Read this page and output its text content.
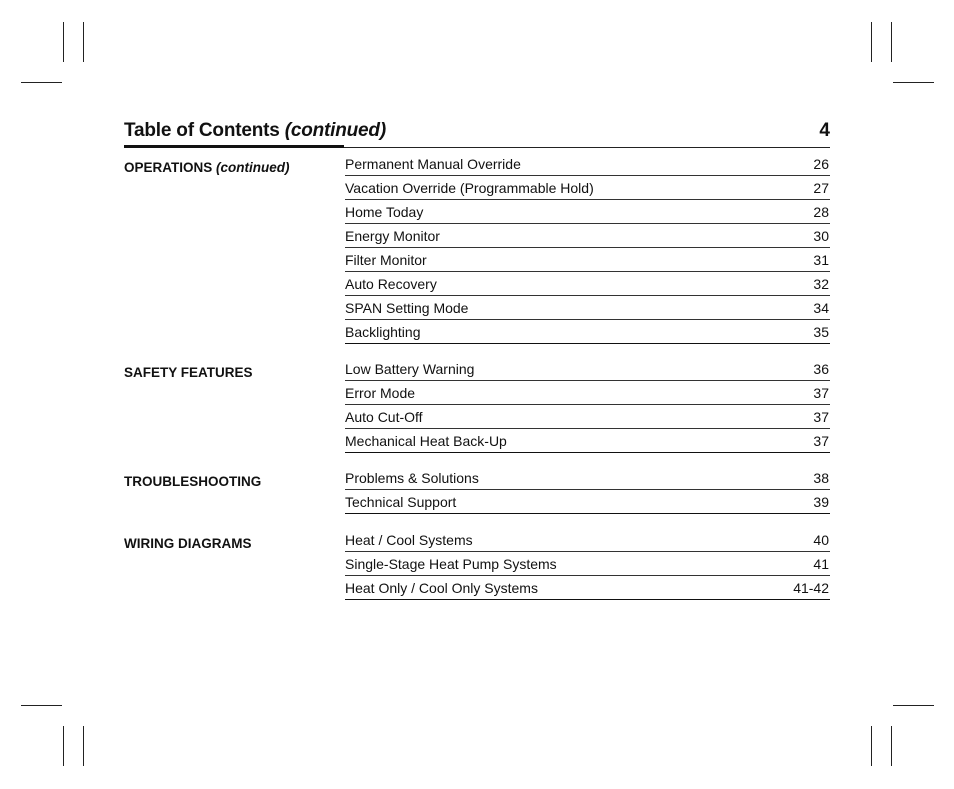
Table of Contents (continued)	4
OPERATIONS (continued)	Permanent Manual Override	26
Vacation Override (Programmable Hold)	27
Home Today	28
Energy Monitor	30
Filter Monitor	31
Auto Recovery	32
SPAN Setting Mode	34
Backlighting	35
SAFETY FEATURES	Low Battery Warning	36
Error Mode	37
Auto Cut-Off	37
Mechanical Heat Back-Up	37
TROUBLESHOOTING	Problems & Solutions	38
Technical Support	39
WIRING DIAGRAMS	Heat / Cool Systems	40
Single-Stage Heat Pump Systems	41
Heat Only / Cool Only Systems	41-42
